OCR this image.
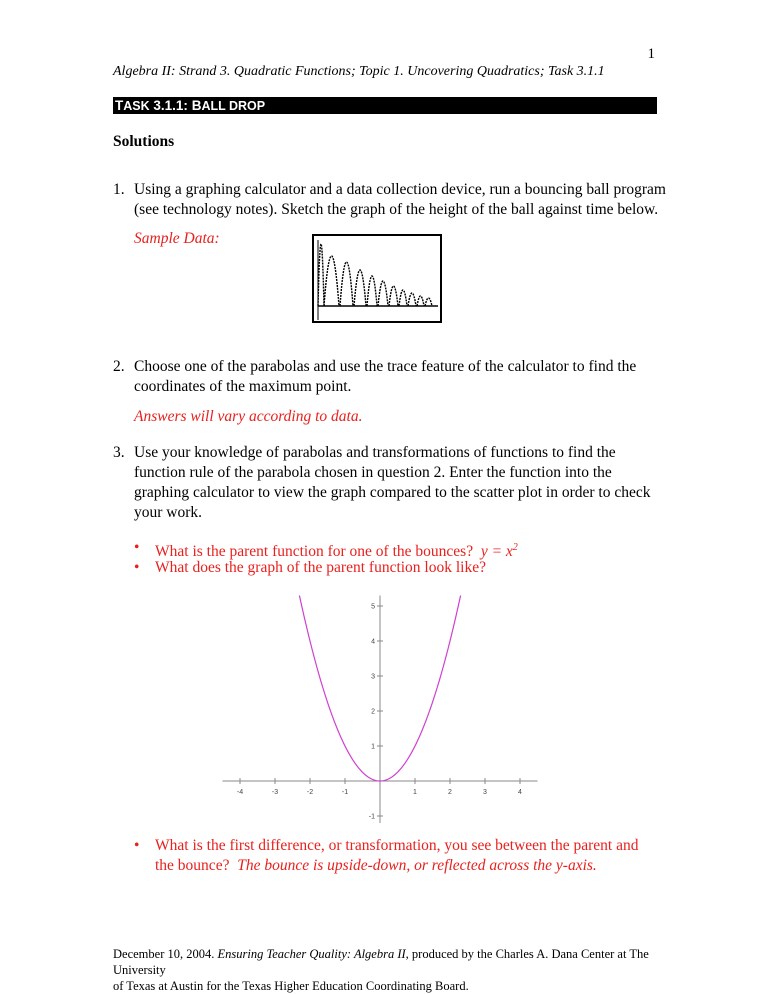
1
Algebra II: Strand 3. Quadratic Functions; Topic 1. Uncovering Quadratics; Task 3.1.1
TASK 3.1.1: BALL DROP
Solutions
1. Using a graphing calculator and a data collection device, run a bouncing ball program
(see technology notes). Sketch the graph of the height of the ball against time below.
Sample Data:
2. Choose one of the parabolas and use the trace feature of the calculator to find the
coordinates of the maximum point.
Answers will vary according to data.
3. Use your knowledge of parabolas and transformations of functions to find the
function rule of the parabola chosen in question 2. Enter the function into the
graphing calculator to view the graph compared to the scatter plot in order to check
your work.
• What is the parent function for one of the bounces? $y = x^2$
• What does the graph of the parent function look like?
-4	-3	-2	-1	1	2	3	4
-1
1
2
3
4
5
• What is the first difference, or transformation, you see between the parent and
the bounce? The bounce is upside-down, or reflected across the y-axis.
December 10, 2004. Ensuring Teacher Quality: Algebra II, produced by the Charles A. Dana Center at The University
of Texas at Austin for the Texas Higher Education Coordinating Board.
